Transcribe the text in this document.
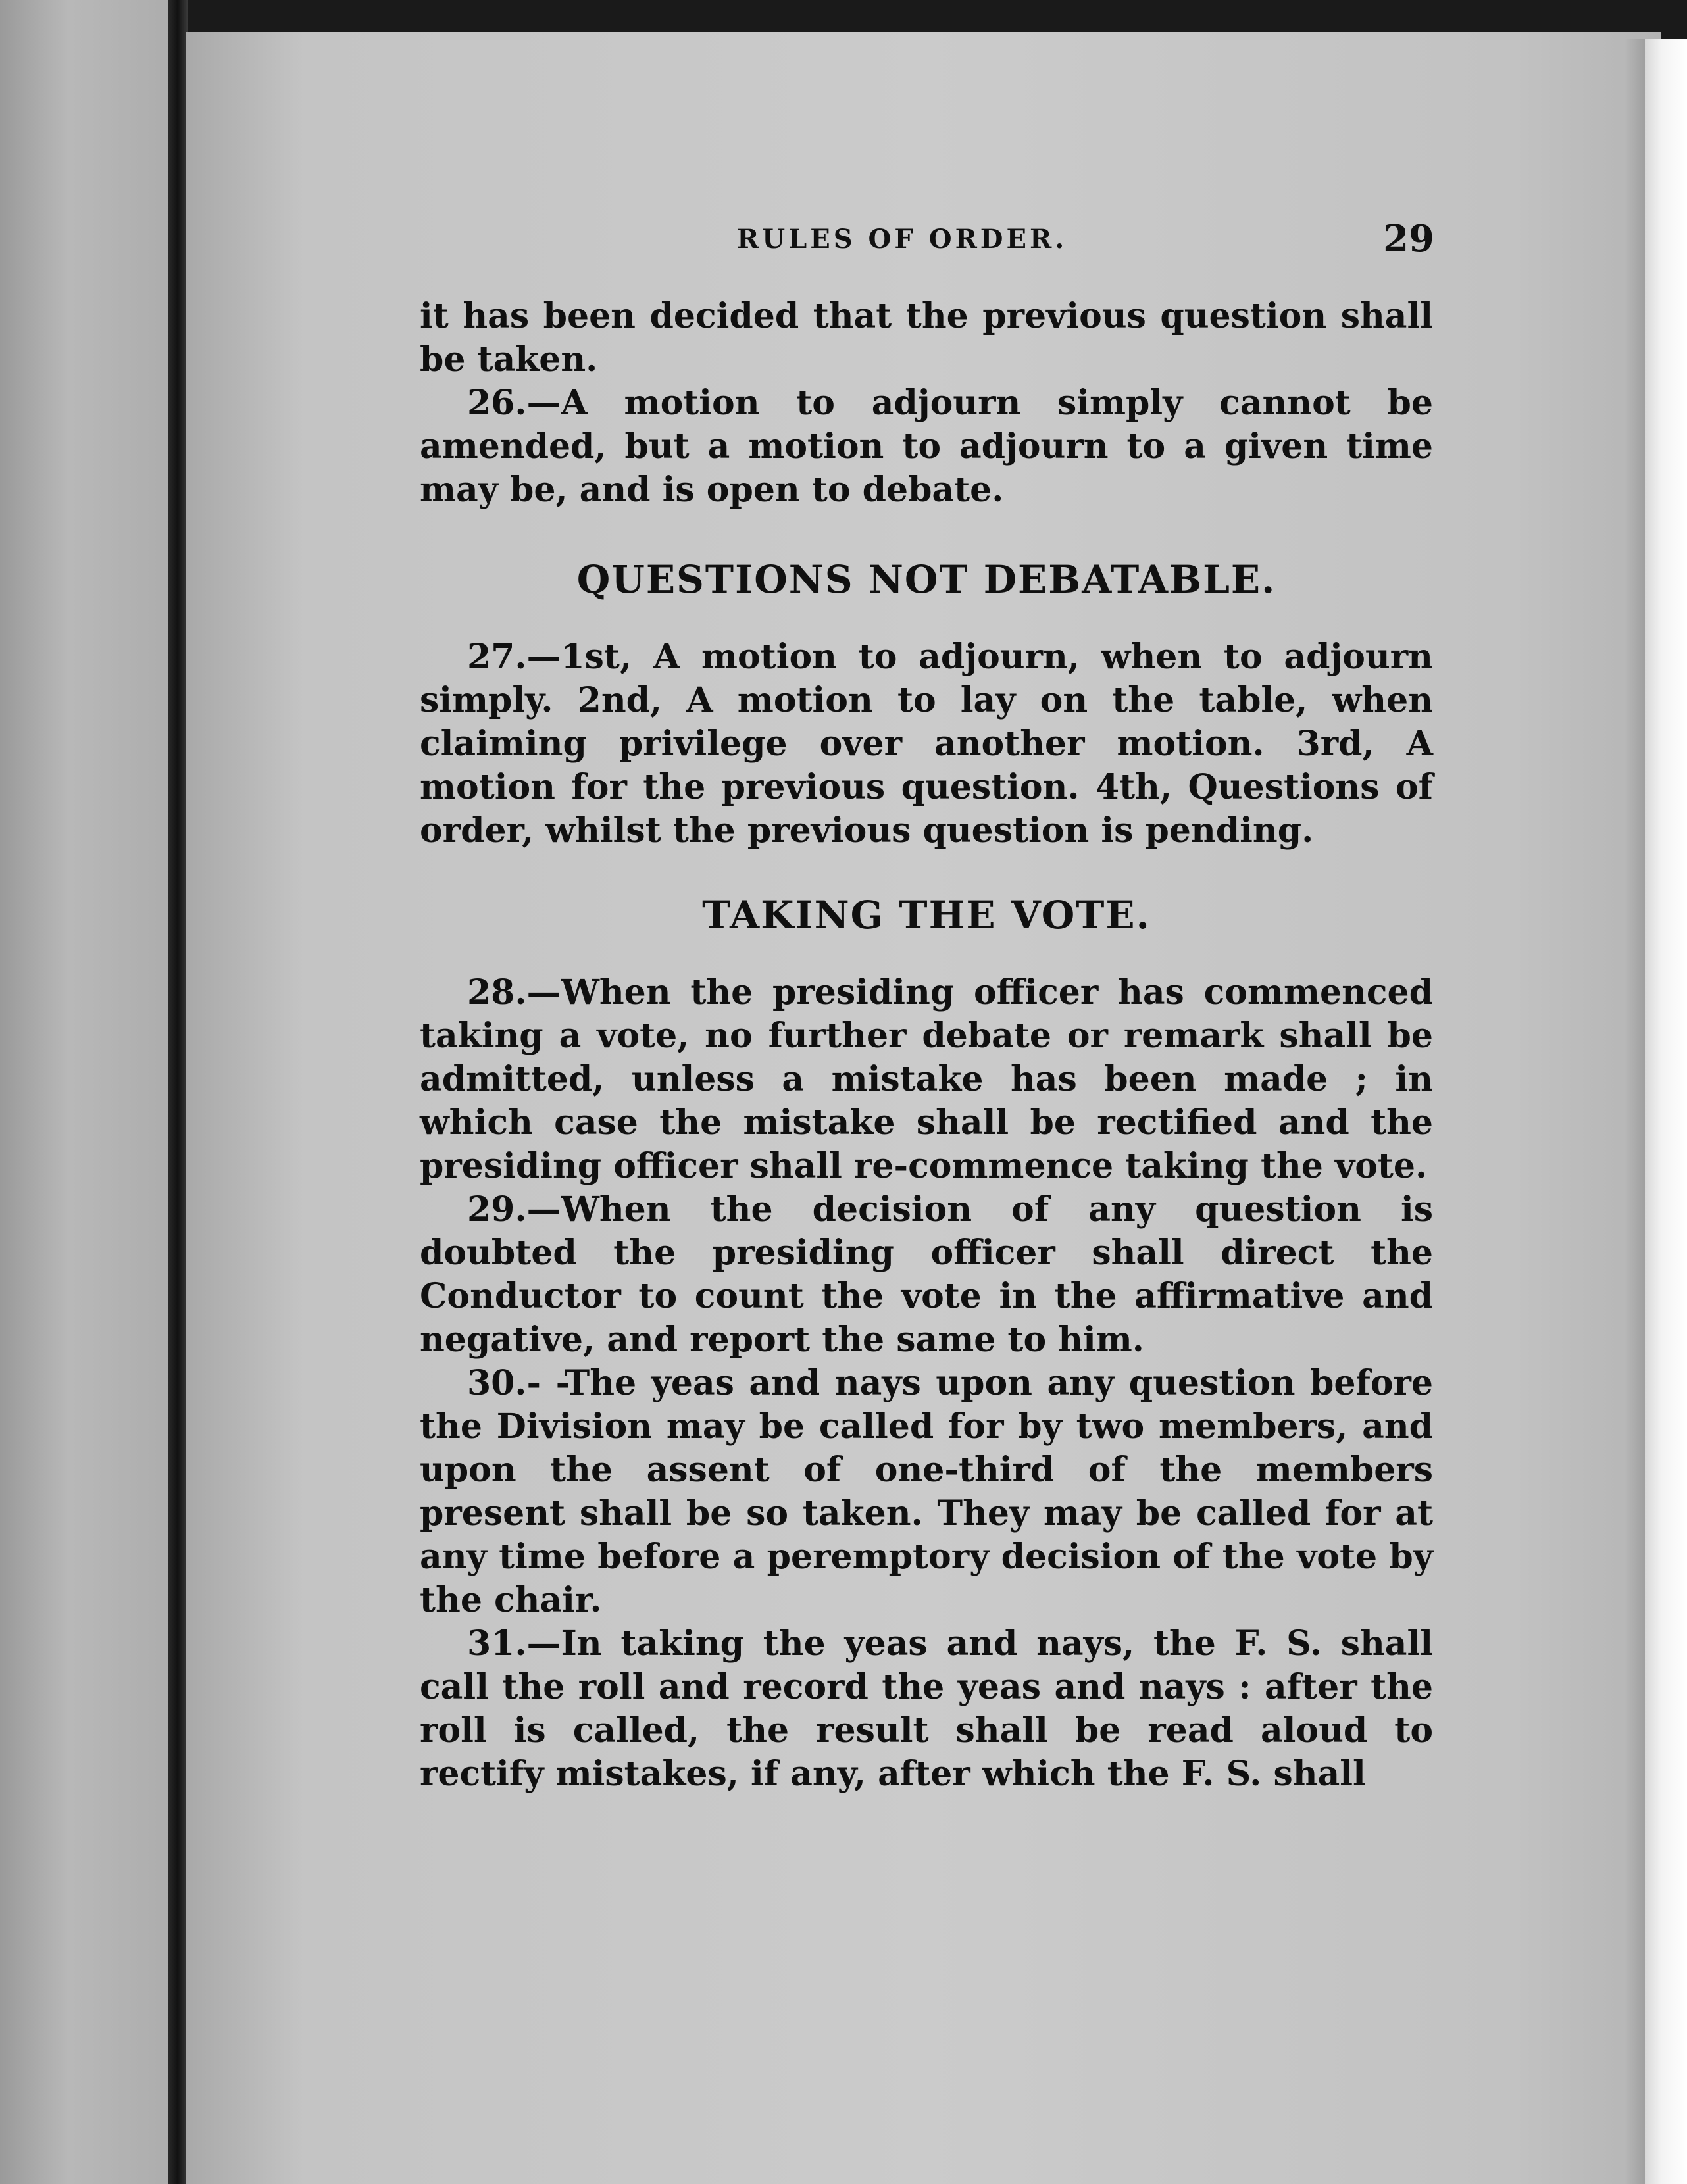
RULES OF ORDER.	29

it has been decided that the previous question shall be taken.

26.—A motion to adjourn simply cannot be amended, but a motion to adjourn to a given time may be, and is open to debate.

QUESTIONS NOT DEBATABLE.

27.—1st, A motion to adjourn, when to adjourn simply. 2nd, A motion to lay on the table, when claiming privilege over another motion. 3rd, A motion for the previous question. 4th, Questions of order, whilst the previous question is pending.

TAKING THE VOTE.

28.—When the presiding officer has commenced taking a vote, no further debate or remark shall be admitted, unless a mistake has been made ; in which case the mistake shall be rectified and the presiding officer shall re-commence taking the vote.

29.—When the decision of any question is doubted the presiding officer shall direct the Conductor to count the vote in the affirmative and negative, and report the same to him.

30.- -The yeas and nays upon any question before the Division may be called for by two members, and upon the assent of one-third of the members present shall be so taken. They may be called for at any time before a peremptory decision of the vote by the chair.

31.—In taking the yeas and nays, the F. S. shall call the roll and record the yeas and nays : after the roll is called, the result shall be read aloud to rectify mistakes, if any, after which the F. S. shall
